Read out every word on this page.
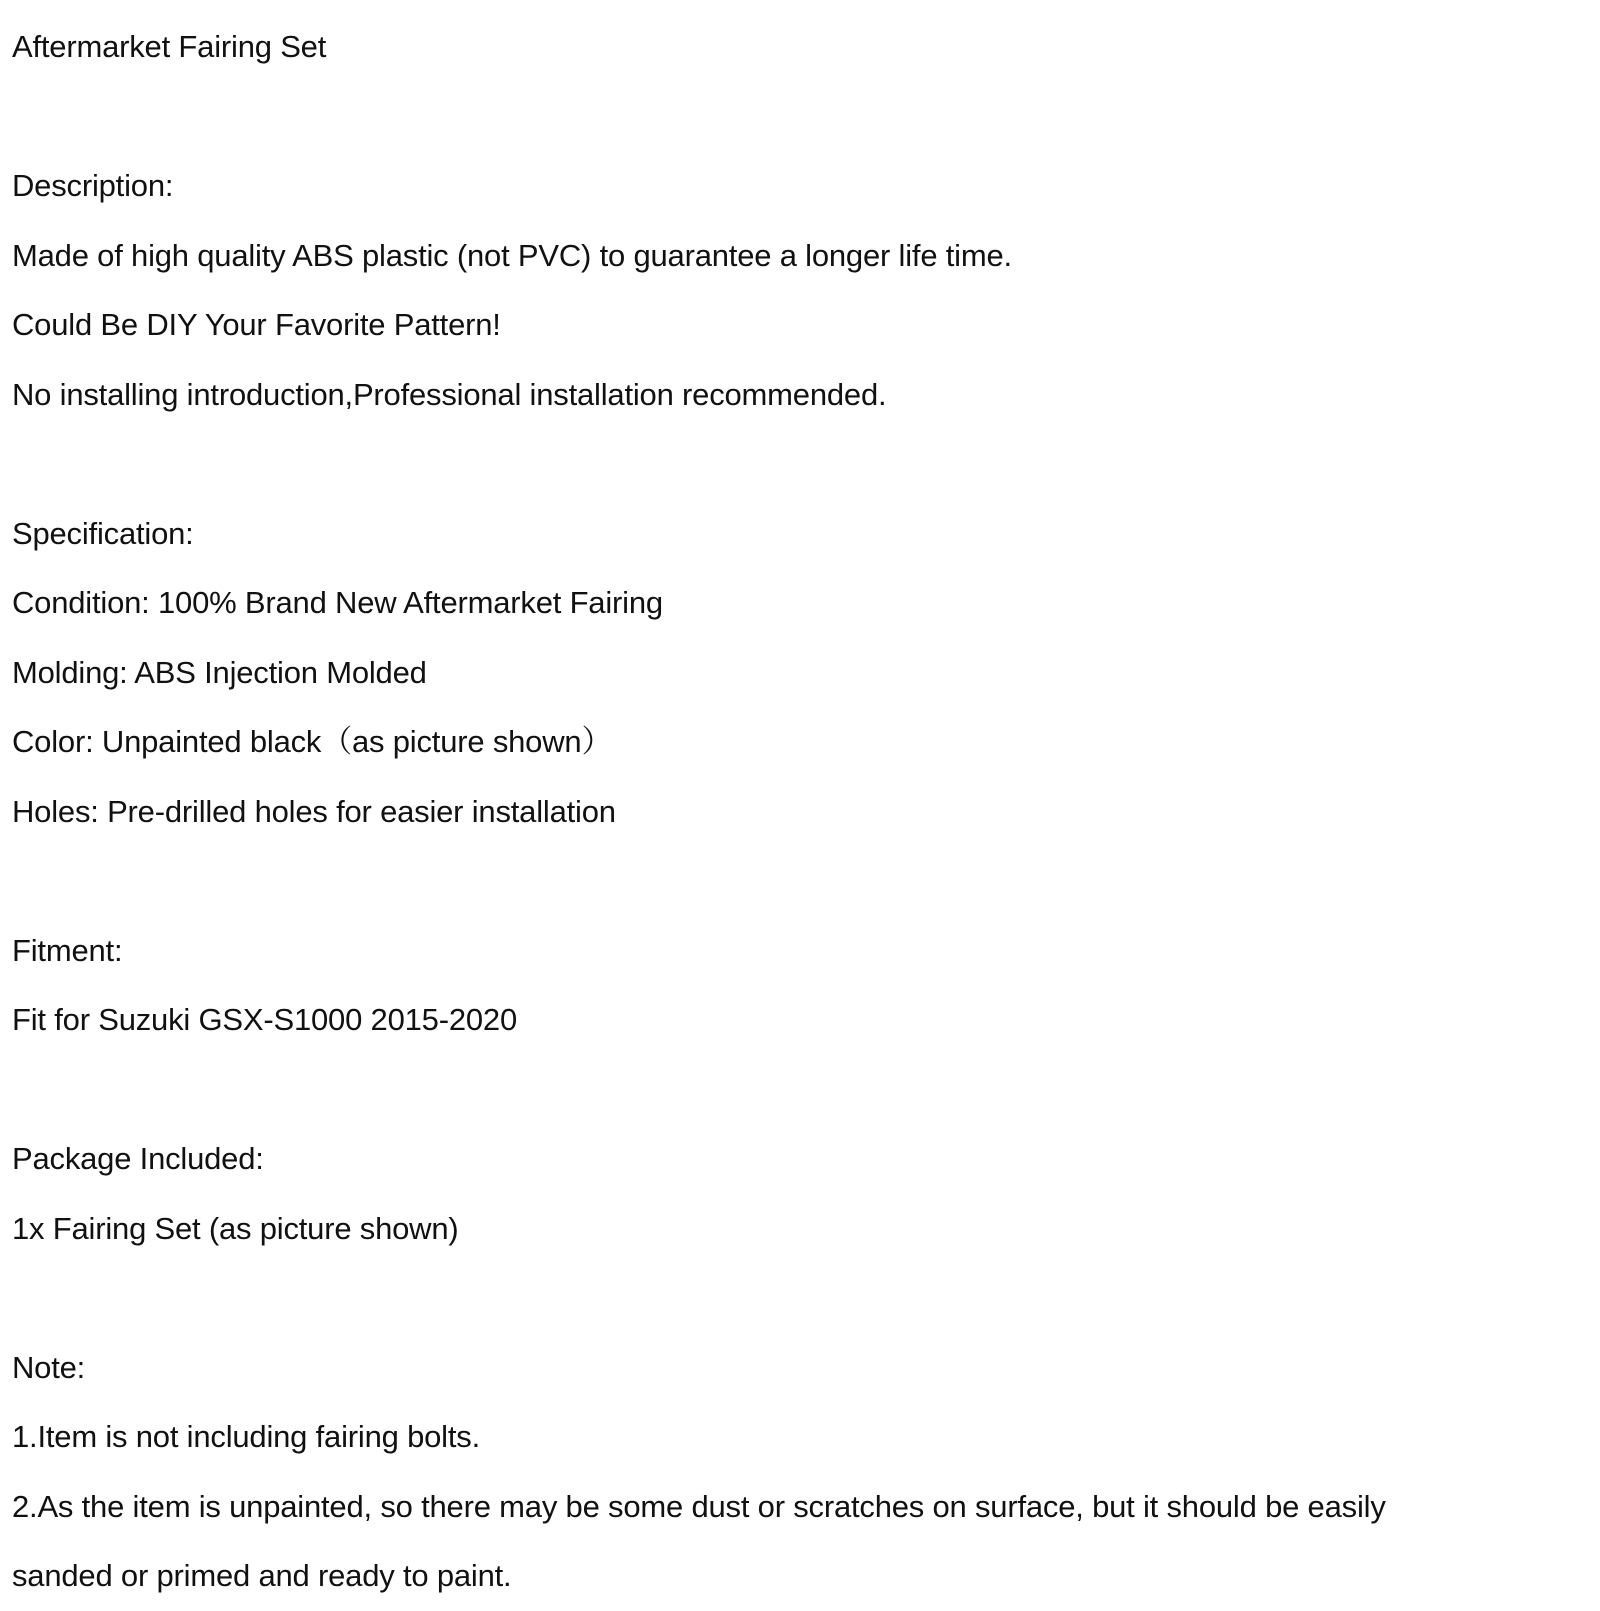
Aftermarket Fairing Set
Description:
Made of high quality ABS plastic (not PVC) to guarantee a longer life time.
Could Be DIY Your Favorite Pattern!
No installing introduction,Professional installation recommended.
Specification:
Condition: 100% Brand New Aftermarket Fairing
Molding: ABS Injection Molded
Color: Unpainted black（as picture shown）
Holes: Pre-drilled holes for easier installation
Fitment:
Fit for Suzuki GSX-S1000 2015-2020
Package Included:
1x Fairing Set (as picture shown)
Note:
1.Item is not including fairing bolts.
2.As the item is unpainted, so there may be some dust or scratches on surface, but it should be easily
sanded or primed and ready to paint.
